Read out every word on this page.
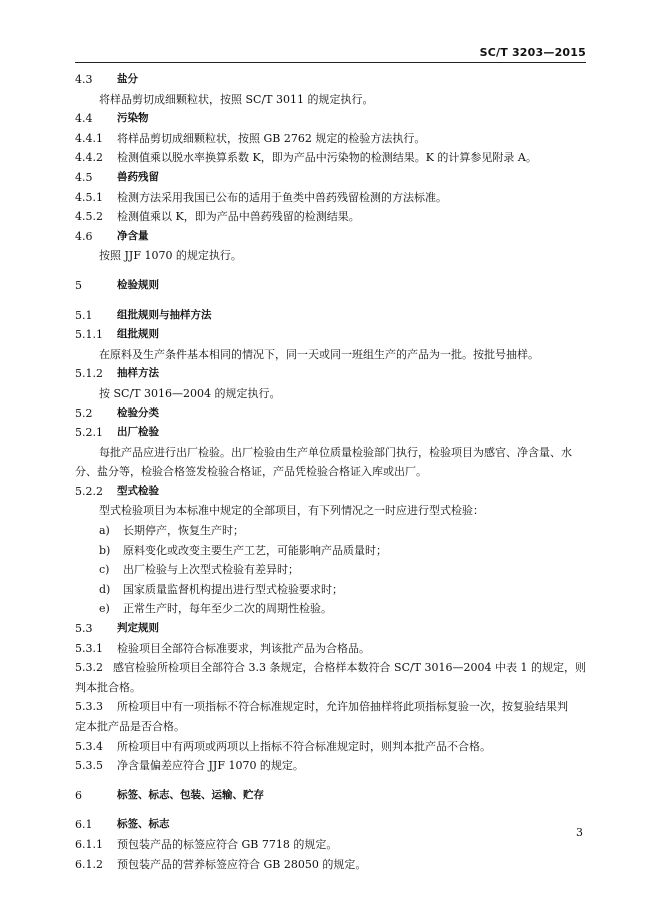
SC/T 3203—2015
4.3	盐分
将样品剪切成细颗粒状，按照 SC/T 3011 的规定执行。
4.4	污染物
4.4.1	将样品剪切成细颗粒状，按照 GB 2762 规定的检验方法执行。
4.4.2	检测值乘以脱水率换算系数 K，即为产品中污染物的检测结果。K 的计算参见附录 A。
4.5	兽药残留
4.5.1	检测方法采用我国已公布的适用于鱼类中兽药残留检测的方法标准。
4.5.2	检测值乘以 K，即为产品中兽药残留的检测结果。
4.6	净含量
按照 JJF 1070 的规定执行。
5	检验规则
5.1	组批规则与抽样方法
5.1.1	组批规则
在原料及生产条件基本相同的情况下，同一天或同一班组生产的产品为一批。按批号抽样。
5.1.2	抽样方法
按 SC/T 3016—2004 的规定执行。
5.2	检验分类
5.2.1	出厂检验
每批产品应进行出厂检验。出厂检验由生产单位质量检验部门执行，检验项目为感官、净含量、水
分、盐分等，检验合格签发检验合格证，产品凭检验合格证入库或出厂。
5.2.2	型式检验
型式检验项目为本标准中规定的全部项目，有下列情况之一时应进行型式检验：
a)	长期停产，恢复生产时；
b)	原料变化或改变主要生产工艺，可能影响产品质量时；
c)	出厂检验与上次型式检验有差异时；
d)	国家质量监督机构提出进行型式检验要求时；
e)	正常生产时，每年至少二次的周期性检验。
5.3	判定规则
5.3.1	检验项目全部符合标准要求，判该批产品为合格品。
5.3.2 感官检验所检项目全部符合 3.3 条规定，合格样本数符合 SC/T 3016—2004 中表 1 的规定，则
判本批合格。
5.3.3	所检项目中有一项指标不符合标准规定时，允许加倍抽样将此项指标复验一次，按复验结果判
定本批产品是否合格。
5.3.4	所检项目中有两项或两项以上指标不符合标准规定时，则判本批产品不合格。
5.3.5	净含量偏差应符合 JJF 1070 的规定。
6	标签、标志、包装、运输、贮存
6.1	标签、标志
6.1.1	预包装产品的标签应符合 GB 7718 的规定。
6.1.2	预包装产品的营养标签应符合 GB 28050 的规定。
3
